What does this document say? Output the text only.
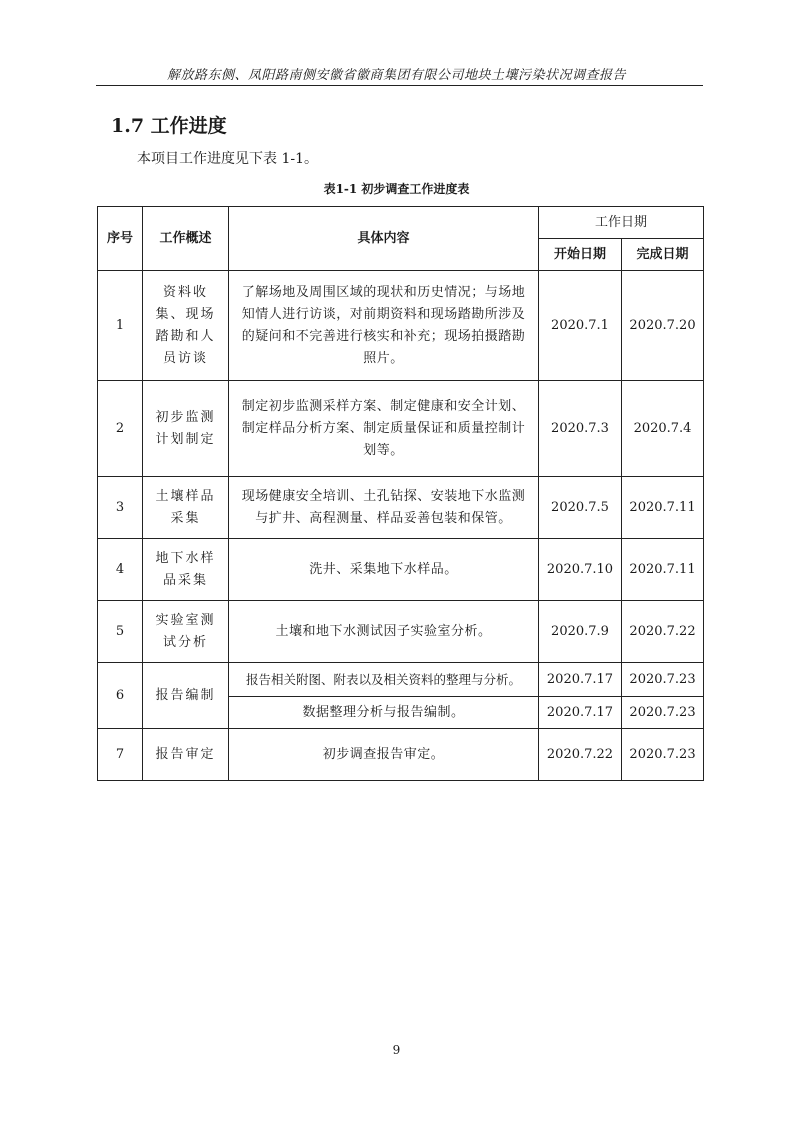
解放路东侧、凤阳路南侧安徽省徽商集团有限公司地块土壤污染状况调查报告
1.7 工作进度
本项目工作进度见下表 1-1。
表1-1 初步调查工作进度表
序号	工作概述	具体内容	工作日期	
			开始日期	完成日期
1	资料收集、现场踏勘和人员访谈	了解场地及周围区域的现状和历史情况；与场地知情人进行访谈，对前期资料和现场踏勘所涉及的疑问和不完善进行核实和补充；现场拍摄踏勘照片。	2020.7.1	2020.7.20
2	初步监测计划制定	制定初步监测采样方案、制定健康和安全计划、制定样品分析方案、制定质量保证和质量控制计划等。	2020.7.3	2020.7.4
3	土壤样品采集	现场健康安全培训、土孔钻探、安装地下水监测与扩井、高程测量、样品妥善包装和保管。	2020.7.5	2020.7.11
4	地下水样品采集	洗井、采集地下水样品。	2020.7.10	2020.7.11
5	实验室测试分析	土壤和地下水测试因子实验室分析。	2020.7.9	2020.7.22
6	报告编制	报告相关附图、附表以及相关资料的整理与分析。	2020.7.17	2020.7.23
		数据整理分析与报告编制。	2020.7.17	2020.7.23
7	报告审定	初步调查报告审定。	2020.7.22	2020.7.23
9
